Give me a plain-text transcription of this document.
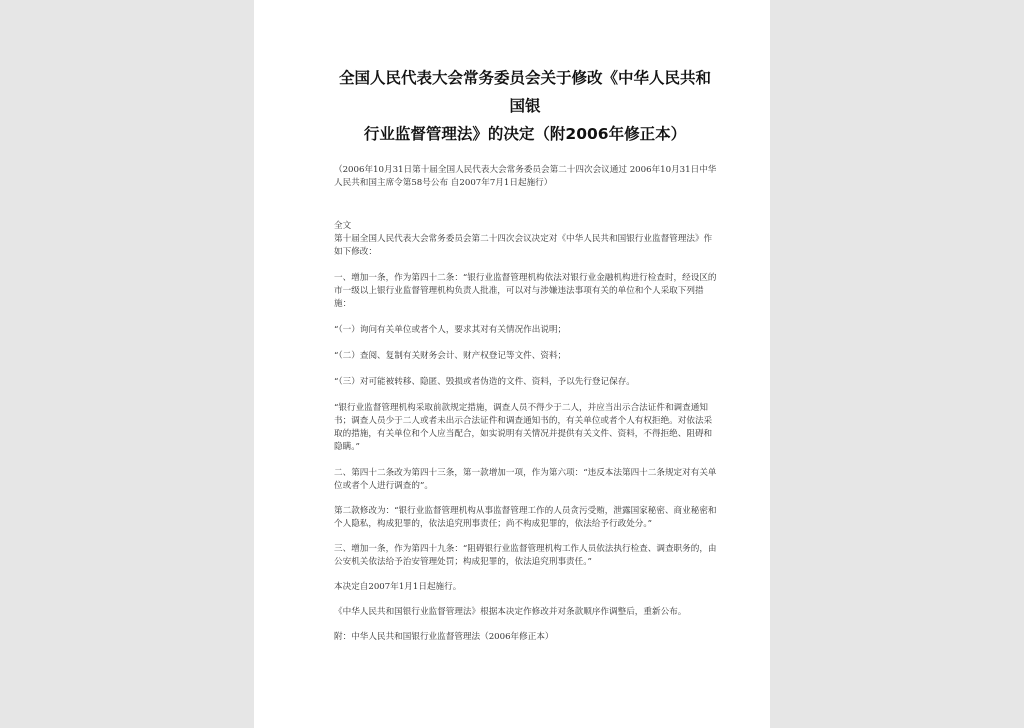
全国人民代表大会常务委员会关于修改《中华人民共和国银
行业监督管理法》的决定（附2006年修正本）

（2006年10月31日第十届全国人民代表大会常务委员会第二十四次会议通过 2006年10月31日中华人民共和国主席令第58号公布 自2007年7月1日起施行）

全文

第十届全国人民代表大会常务委员会第二十四次会议决定对《中华人民共和国银行业监督管理法》作如下修改：

一、增加一条，作为第四十二条：“银行业监督管理机构依法对银行业金融机构进行检查时，经设区的市一级以上银行业监督管理机构负责人批准，可以对与涉嫌违法事项有关的单位和个人采取下列措施：

“（一）询问有关单位或者个人，要求其对有关情况作出说明；

“（二）查阅、复制有关财务会计、财产权登记等文件、资料；

“（三）对可能被转移、隐匿、毁损或者伪造的文件、资料，予以先行登记保存。

“银行业监督管理机构采取前款规定措施，调查人员不得少于二人，并应当出示合法证件和调查通知书；调查人员少于二人或者未出示合法证件和调查通知书的，有关单位或者个人有权拒绝。对依法采取的措施，有关单位和个人应当配合，如实说明有关情况并提供有关文件、资料，不得拒绝、阻碍和隐瞒。”

二、第四十二条改为第四十三条，第一款增加一项，作为第六项：“违反本法第四十二条规定对有关单位或者个人进行调查的”。

第二款修改为：“银行业监督管理机构从事监督管理工作的人员贪污受贿，泄露国家秘密、商业秘密和个人隐私，构成犯罪的，依法追究刑事责任；尚不构成犯罪的，依法给予行政处分。”

三、增加一条，作为第四十九条：“阻碍银行业监督管理机构工作人员依法执行检查、调查职务的，由公安机关依法给予治安管理处罚；构成犯罪的，依法追究刑事责任。”

本决定自2007年1月1日起施行。

《中华人民共和国银行业监督管理法》根据本决定作修改并对条款顺序作调整后，重新公布。

附：中华人民共和国银行业监督管理法（2006年修正本）
